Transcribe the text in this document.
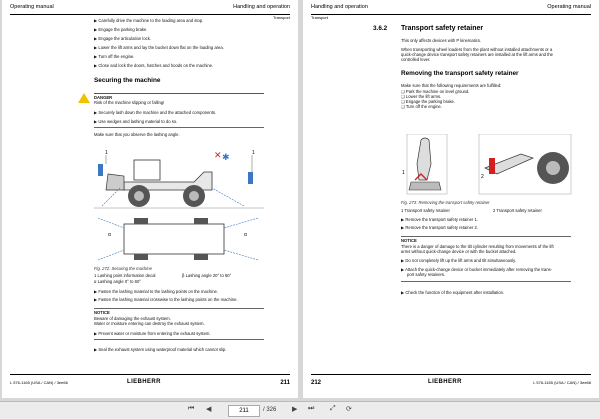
Operating manual	Handling and operation
Transport
▶ Carefully drive the machine to the loading area and stop.
▶ Engage the parking brake.
▶ Engage the articulation lock.
▶ Lower the lift arms and lay the bucket down flat on the loading area.
▶ Turn off the engine.
▶ Close and lock the doors, hatches and hoods on the machine.
Securing the machine
DANGER
Risk of the machine slipping or falling!
▶ Securely lash down the machine and the attached components.
▶ Use wedges and lashing material to do so.
Make sure that you observe the lashing angle.
1	1
✱
✕
α	α
Fig. 272: Securing the machine
1 Lashing point information decal	β Lashing angle 20° to 60°
α Lashing angle 0° to 60°
▶ Fasten the lashing material to the lashing points on the machine.
▶ Fasten the lashing material crosswise to the lashing points on the machine.
NOTICE
Beware of damaging the exhaust system.
Water or moisture entering can destroy the exhaust system.
▶ Prevent water or moisture from entering the exhaust system.
▶ Seal the exhaust system using waterproof material which cannot slip.
L 576-1165 (USA / CAN) / 3ee66	LIEBHERR	211
Handling and operation	Operating manual
Transport
3.6.2 Transport safety retainer
This only affects devices with P kinematics.
When transporting wheel loaders from the plant without installed attachments or a
quick-change device transport safety retainers are installed at the lift arms and the
controlled lever.
Removing the transport safety retainer
Make sure that the following requirements are fulfilled:
❑ Park the machine on level ground.
❑ Lower the lift arms.
❑ Engage the parking brake.
❑ Turn off the engine.
1
2
Fig. 273: Removing the transport safety retainer
1 Transport safety retainer	2 Transport safety retainer
▶ Remove the transport safety retainer 1.
▶ Remove the transport safety retainer 2.
NOTICE
There is a danger of damage to the tilt cylinder resulting from movements of the lift
arms without quick-change device or with the bucket attached.
▶ Do not completely lift up the lift arms and tilt simultaneously.
▶ Attach the quick-change device or bucket immediately after removing the trans-
port safety retainers.
▶ Check the function of the equipment after installation.
212	LIEBHERR	L 576-1165 (USA / CAN) / 3ee66
⏮ ◀	211	/ 326 ▶ ⏭ ⤢ ⟳
